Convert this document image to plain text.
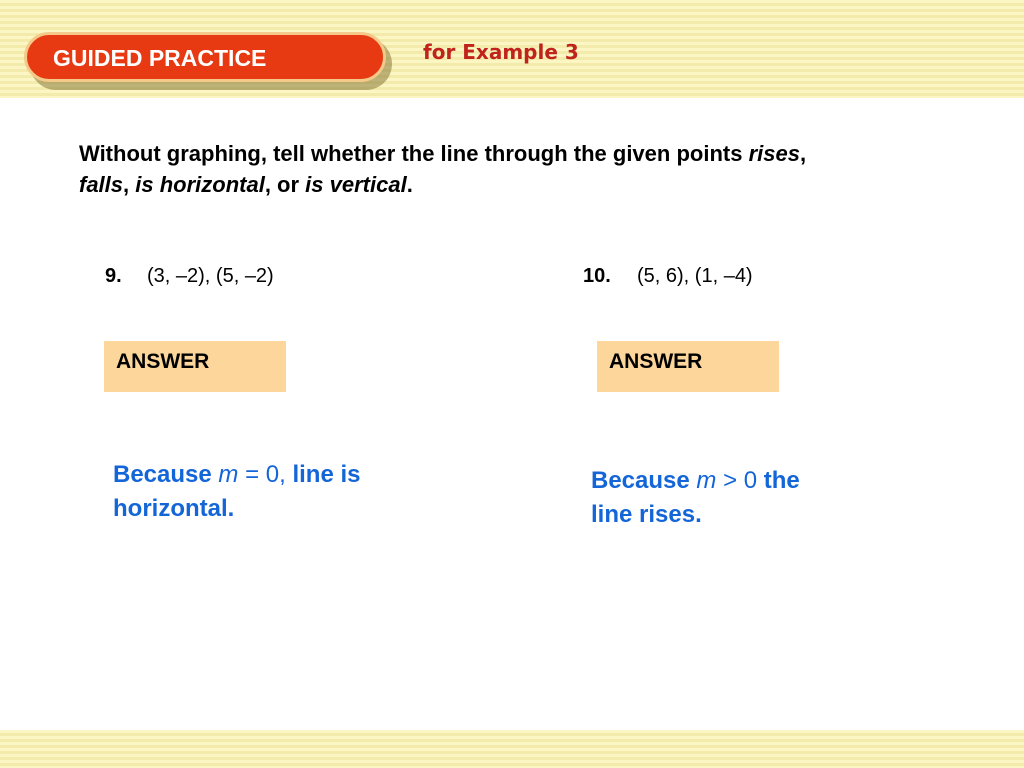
GUIDED PRACTICE	for Example 3
Without graphing, tell whether the line through the given points rises,
falls, is horizontal, or is vertical.
9. (3, –2), (5, –2)
ANSWER
Because m = 0, line is horizontal.
10. (5, 6), (1, –4)
ANSWER
Because m > 0 the line rises.
